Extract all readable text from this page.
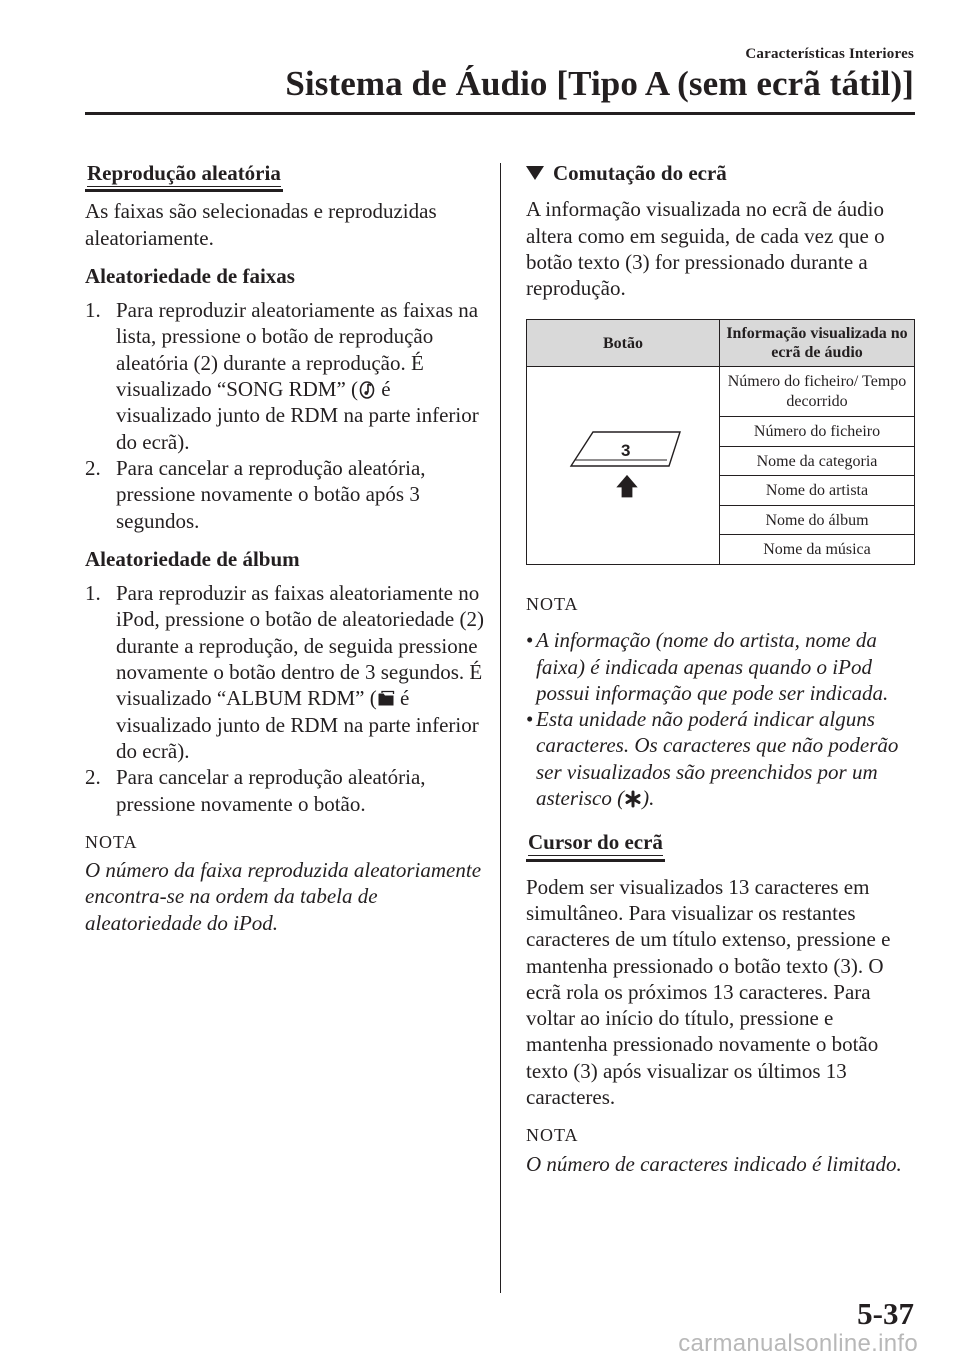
Características Interiores
Sistema de Áudio [Tipo A (sem ecrã tátil)]
Reprodução aleatória

As faixas são selecionadas e reproduzidas aleatoriamente.

Aleatoriedade de faixas
1. Para reproduzir aleatoriamente as faixas na lista, pressione o botão de reprodução aleatória (2) durante a reprodução. É visualizado “SONG RDM” ( é visualizado junto de RDM na parte inferior do ecrã).
2. Para cancelar a reprodução aleatória, pressione novamente o botão após 3 segundos.
Aleatoriedade de álbum
1. Para reproduzir as faixas aleatoriamente no iPod, pressione o botão de aleatoriedade (2) durante a reprodução, de seguida pressione novamente o botão dentro de 3 segundos. É visualizado “ALBUM RDM” ( é visualizado junto de RDM na parte inferior do ecrã).
2. Para cancelar a reprodução aleatória, pressione novamente o botão.
NOTA
O número da faixa reproduzida aleatoriamente encontra-se na ordem da tabela de aleatoriedade do iPod.
Comutação do ecrã

A informação visualizada no ecrã de áudio altera como em seguida, de cada vez que o botão texto (3) for pressionado durante a reprodução.

Botão	Informação visualizada no ecrã de áudio

3	Número do ficheiro/ Tempo decorrido
	Número do ficheiro
	Nome da categoria
	Nome do artista
	Nome do álbum
	Nome da música
NOTA
• A informação (nome do artista, nome da faixa) é indicada apenas quando o iPod possui informação que pode ser indicada.
• Esta unidade não poderá indicar alguns caracteres. Os caracteres que não poderão ser visualizados são preenchidos por um asterisco ( ).
Cursor do ecrã

Podem ser visualizados 13 caracteres em simultâneo. Para visualizar os restantes caracteres de um título extenso, pressione e mantenha pressionado o botão texto (3). O ecrã rola os próximos 13 caracteres. Para voltar ao início do título, pressione e mantenha pressionado novamente o botão texto (3) após visualizar os últimos 13 caracteres.

NOTA
O número de caracteres indicado é limitado.
5-37
carmanualsonline.info
